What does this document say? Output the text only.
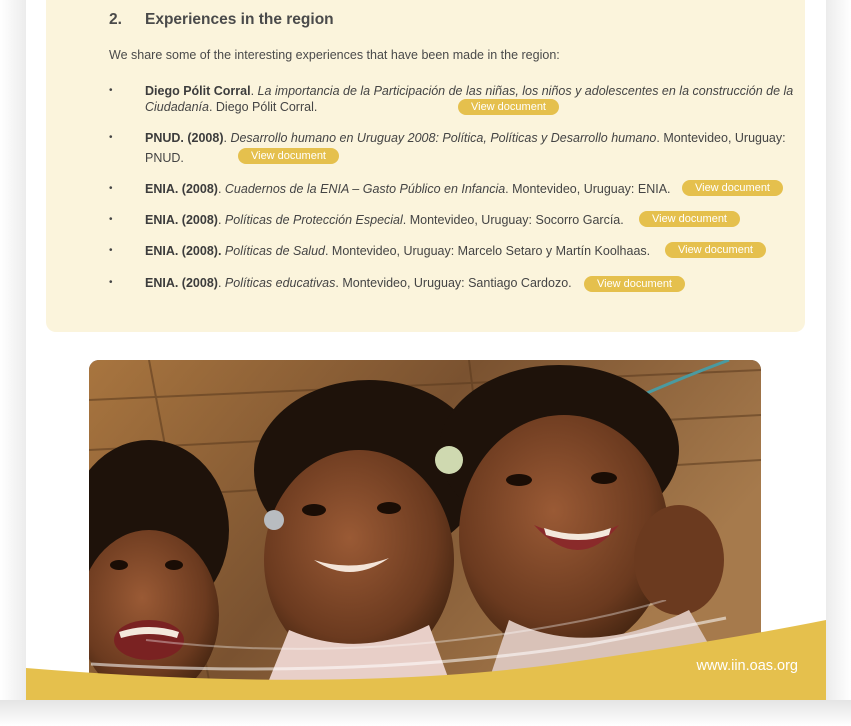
2. Experiences in the region
We share some of the interesting experiences that have been made in the region:
•	Diego Pólit Corral. La importancia de la Participación de las niñas, los niños y adolescentes en la construcción de la Ciudadanía. Diego Pólit Corral.	View document
•	PNUD. (2008). Desarrollo humano en Uruguay 2008: Política, Políticas y Desarrollo humano. Montevideo, Uruguay: PNUD.	View document
•	ENIA. (2008). Cuadernos de la ENIA – Gasto Público en Infancia. Montevideo, Uruguay: ENIA.	View document
•	ENIA. (2008). Políticas de Protección Especial. Montevideo, Uruguay: Socorro García.	View document
•	ENIA. (2008). Políticas de Salud. Montevideo, Uruguay: Marcelo Setaro y Martín Koolhaas.	View document
•	ENIA. (2008). Políticas educativas. Montevideo, Uruguay: Santiago Cardozo.	View document
www.iin.oas.org
